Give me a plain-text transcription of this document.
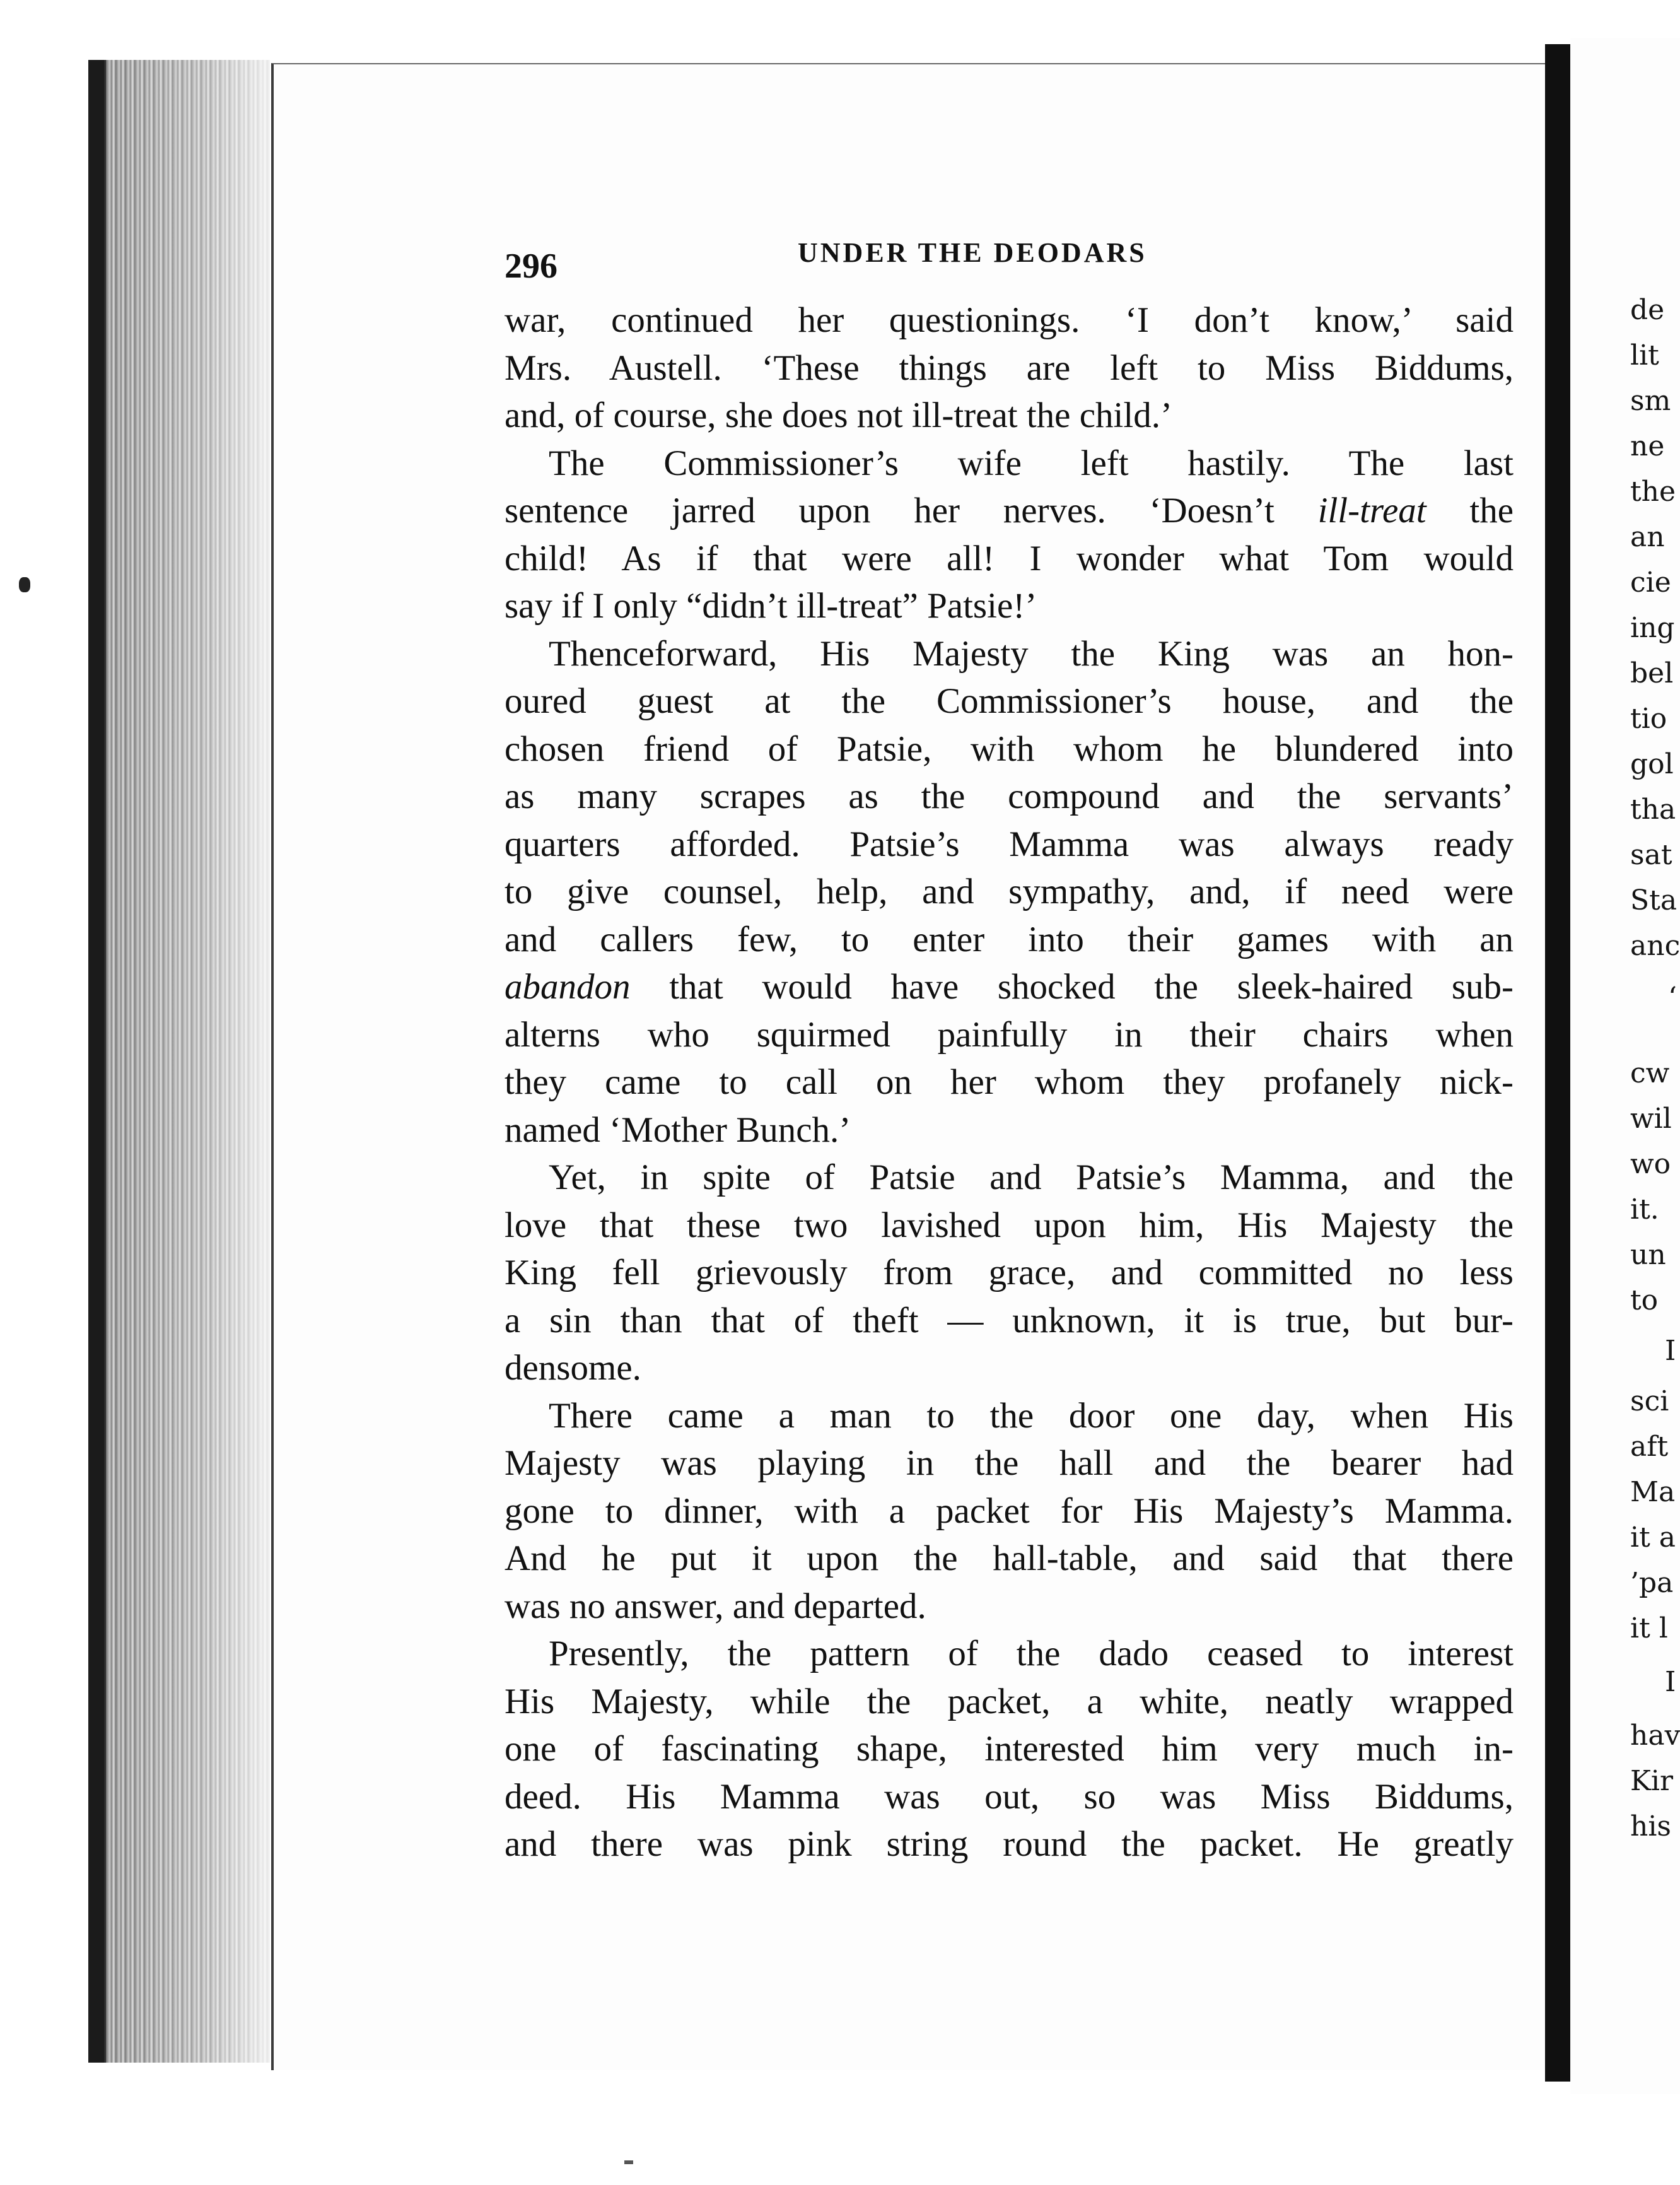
296	UNDER THE DEODARS

war, continued her questionings. ‘I don’t know,’ said
Mrs. Austell. ‘These things are left to Miss Biddums,
and, of course, she does not ill-treat the child.’
The Commissioner’s wife left hastily. The last
sentence jarred upon her nerves. ‘Doesn’t ill-treat the
child! As if that were all! I wonder what Tom would
say if I only “didn’t ill-treat” Patsie!’
Thenceforward, His Majesty the King was an hon-
oured guest at the Commissioner’s house, and the
chosen friend of Patsie, with whom he blundered into
as many scrapes as the compound and the servants’
quarters afforded. Patsie’s Mamma was always ready
to give counsel, help, and sympathy, and, if need were
and callers few, to enter into their games with an
abandon that would have shocked the sleek-haired sub-
alterns who squirmed painfully in their chairs when
they came to call on her whom they profanely nick-
named ‘Mother Bunch.’
Yet, in spite of Patsie and Patsie’s Mamma, and the
love that these two lavished upon him, His Majesty the
King fell grievously from grace, and committed no less
a sin than that of theft — unknown, it is true, but bur-
densome.
There came a man to the door one day, when His
Majesty was playing in the hall and the bearer had
gone to dinner, with a packet for His Majesty’s Mamma.
And he put it upon the hall-table, and said that there
was no answer, and departed.
Presently, the pattern of the dado ceased to interest
His Majesty, while the packet, a white, neatly wrapped
one of fascinating shape, interested him very much in-
deed. His Mamma was out, so was Miss Biddums,
and there was pink string round the packet. He greatly

de

lit

sm

ne

the

an

cie

ing

bel

tio

gol

tha

sat

Sta

anc

‘

cw

wil

wo

it.

un

to

I

sci

aft

Ma

it a

’pa

it l

I

hav

Kir

his
